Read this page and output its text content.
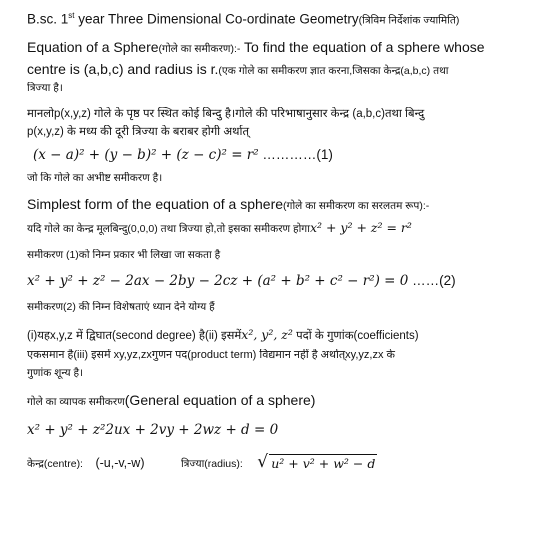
B.sc. 1st year Three Dimensional Co-ordinate Geometry(त्रिविम निर्देशांक ज्यामिति)
Equation of a Sphere(गोले का समीकरण):- To find the equation of a sphere whose
centre is (a,b,c) and radius is r.(एक गोले का समीकरण ज्ञात करना,जिसका केन्द्र(a,b,c) तथा
त्रिज्या है।
मानलोp(x,y,z) गोले के पृष्ठ पर स्थित कोई बिन्दु है।गोले की परिभाषानुसार केन्द्र (a,b,c)तथा बिन्दु
p(x,y,z) के मध्य की दूरी त्रिज्या के बराबर होगी अर्थात्
(x − a)² + (y − b)² + (z − c)² = r² …………(1)
जो कि गोले का अभीष्ट समीकरण है।
Simplest form of the equation of a sphere(गोले का समीकरण का सरलतम रूप):-
यदि गोले का केन्द्र मूलबिन्दु(0,0,0) तथा त्रिज्या हो,तो इसका समीकरण होगाx² + y² + z² = r²
समीकरण (1)को निम्न प्रकार भी लिखा जा सकता है
x² + y² + z² − 2ax − 2by − 2cz + (a² + b² + c² − r²) = 0 ……(2)
समीकरण(2) की निम्न विशेषताएं ध्यान देने योग्य हैं
(i)यहx,y,z में द्विघात(second degree) है(ii) इसमेंx², y², z² पदों के गुणांक(coefficients)
एकसमान है(iii) इसमें xy,yz,zxगुणन पद(product term) विद्यमान नहीं है अर्थात्xy,yz,zx के
गुणांक शून्य है।
गोले का व्यापक समीकरण(General equation of a sphere)
x² + y² + z²2ux + 2vy + 2wz + d = 0
केन्द्र(centre): (-u,-v,-w)	त्रिज्या(radius): √ u² + v² + w² − d
